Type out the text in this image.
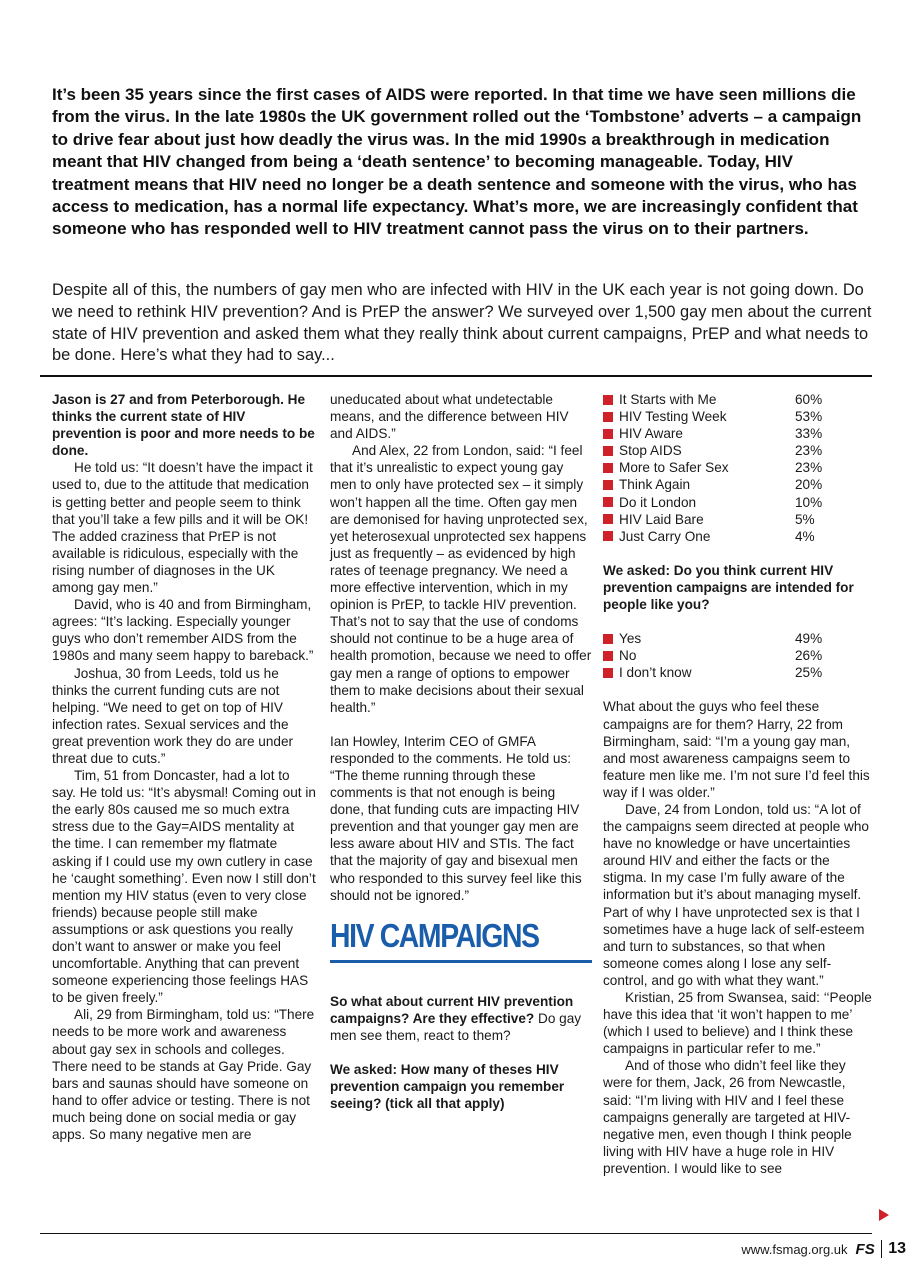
It’s been 35 years since the first cases of AIDS were reported. In that time we have seen millions die from the virus. In the late 1980s the UK government rolled out the ‘Tombstone’ adverts – a campaign to drive fear about just how deadly the virus was. In the mid 1990s a breakthrough in medication meant that HIV changed from being a ‘death sentence’ to becoming manageable. Today, HIV treatment means that HIV need no longer be a death sentence and someone with the virus, who has access to medication, has a normal life expectancy. What’s more, we are increasingly confident that someone who has responded well to HIV treatment cannot pass the virus on to their partners.

Despite all of this, the numbers of gay men who are infected with HIV in the UK each year is not going down. Do we need to rethink HIV prevention? And is PrEP the answer? We surveyed over 1,500 gay men about the current state of HIV prevention and asked them what they really think about current campaigns, PrEP and what needs to be done. Here’s what they had to say...

Jason is 27 and from Peterborough. He thinks the current state of HIV prevention is poor and more needs to be done.

He told us: “It doesn’t have the impact it used to, due to the attitude that medication is getting better and people seem to think that you’ll take a few pills and it will be OK! The added craziness that PrEP is not available is ridiculous, especially with the rising number of diagnoses in the UK among gay men.”

David, who is 40 and from Birmingham, agrees: “It’s lacking. Especially younger guys who don’t remember AIDS from the 1980s and many seem happy to bareback.”

Joshua, 30 from Leeds, told us he thinks the current funding cuts are not helping. “We need to get on top of HIV infection rates. Sexual services and the great prevention work they do are under threat due to cuts.”

Tim, 51 from Doncaster, had a lot to say. He told us: “It’s abysmal! Coming out in the early 80s caused me so much extra stress due to the Gay=AIDS mentality at the time. I can remember my flatmate asking if I could use my own cutlery in case he ‘caught something’. Even now I still don’t mention my HIV status (even to very close friends) because people still make assumptions or ask questions you really don’t want to answer or make you feel uncomfortable. Anything that can prevent someone experiencing those feelings HAS to be given freely.”

Ali, 29 from Birmingham, told us: “There needs to be more work and awareness about gay sex in schools and colleges. There need to be stands at Gay Pride. Gay bars and saunas should have someone on hand to offer advice or testing. There is not much being done on social media or gay apps. So many negative men are

uneducated about what undetectable means, and the difference between HIV and AIDS.”

And Alex, 22 from London, said: “I feel that it’s unrealistic to expect young gay men to only have protected sex – it simply won’t happen all the time. Often gay men are demonised for having unprotected sex, yet heterosexual unprotected sex happens just as frequently – as evidenced by high rates of teenage pregnancy. We need a more effective intervention, which in my opinion is PrEP, to tackle HIV prevention. That’s not to say that the use of condoms should not continue to be a huge area of health promotion, because we need to offer gay men a range of options to empower them to make decisions about their sexual health.”

Ian Howley, Interim CEO of GMFA responded to the comments. He told us: “The theme running through these comments is that not enough is being done, that funding cuts are impacting HIV prevention and that younger gay men are less aware about HIV and STIs. The fact that the majority of gay and bisexual men who responded to this survey feel like this should not be ignored.”

HIV CAMPAIGNS

So what about current HIV prevention campaigns? Are they effective? Do gay men see them, react to them?

We asked: How many of theses HIV prevention campaign you remember seeing? (tick all that apply)

It Starts with Me	60%
HIV Testing Week	53%
HIV Aware	33%
Stop AIDS	23%
More to Safer Sex	23%
Think Again	20%
Do it London	10%
HIV Laid Bare	5%
Just Carry One	4%

We asked: Do you think current HIV prevention campaigns are intended for people like you?

Yes	49%
No	26%
I don’t know	25%

What about the guys who feel these campaigns are for them? Harry, 22 from Birmingham, said: “I’m a young gay man, and most awareness campaigns seem to feature men like me. I’m not sure I’d feel this way if I was older.”

Dave, 24 from London, told us: “A lot of the campaigns seem directed at people who have no knowledge or have uncertainties around HIV and either the facts or the stigma. In my case I’m fully aware of the information but it’s about managing myself. Part of why I have unprotected sex is that I sometimes have a huge lack of self-esteem and turn to substances, so that when someone comes along I lose any self-control, and go with what they want.”

Kristian, 25 from Swansea, said: ‘‘People have this idea that ‘it won’t happen to me’ (which I used to believe) and I think these campaigns in particular refer to me.”

And of those who didn’t feel like they were for them, Jack, 26 from Newcastle, said: “I’m living with HIV and I feel these campaigns generally are targeted at HIV-negative men, even though I think people living with HIV have a huge role in HIV prevention. I would like to see

www.fsmag.org.uk FS 13
